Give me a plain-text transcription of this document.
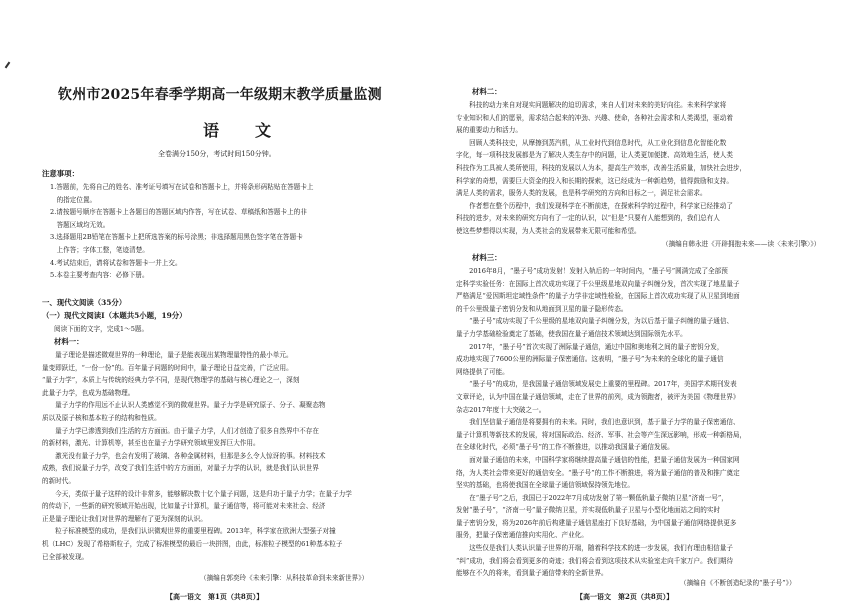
钦州市2025年春季学期高一年级期末教学质量监测
语　文
全卷满分150分，考试时间150分钟。
注意事项：
1.答题前，先将自己的姓名、准考证号填写在试卷和答题卡上，并将条形码粘贴在答题卡上
　的指定位置。
2.请按题号顺序在答题卡上各题目的答题区域内作答，写在试卷、草稿纸和答题卡上的非
　答题区域均无效。
3.选择题用2B铅笔在答题卡上把所选答案的标号涂黑；非选择题用黑色签字笔在答题卡
　上作答；字体工整，笔迹清楚。
4.考试结束后，请将试卷和答题卡一并上交。
5.本卷主要考查内容：必修下册。
一、现代文阅读（35分）
（一）现代文阅读Ⅰ（本题共5小题，19分）
阅读下面的文字，完成1～5题。
材料一：
　　量子理论是描述微观世界的一种理论，量子是能表现出某物理量特性的最小单元。
量变即跃迁，“一份一份”的。百年量子问题的时间中，量子理论日益完善，广泛应用。
“量子力学”，本质上与传统的经典力学不同，是现代物理学的基础与核心理论之一，深刻
此量子力学，也成为基础物理。
　　量子力学的作用远不止认识人类感觉不到的微观世界。量子力学是研究原子、分子、凝聚态物
质以及原子核和基本粒子的结构和性质。
　　量子力学已渗透到我们生活的方方面面。由于量子力学，人们才创造了很多自然界中不存在
的新材料，激光、计算机等，甚至也在量子力学研究领域里发挥巨大作用。
　　激光没有量子力学，也会有发明了玻璃、各种金属材料，但那是多么令人惊讶的事。材料技术
成熟，我们说量子力学，改变了我们生活中的方方面面，对量子力学的认识，就是我们认识世界
的新时代。
　　今天，类似于量子这样的设计非常多，能够解决数十亿个量子问题，这是归功于量子力学；在量子力学
的传动下，一些新的研究领域开始出现，比如量子计算机，量子通信等，将可能对未来社会、经济
正是量子理论让我们对世界的理解有了更为深刻的认识。
　　粒子标准模型的成功，是我们认识微观世界的重要里程碑。2013年，科学家在欧洲大型强子对撞
机（LHC）发现了希格斯粒子，完成了标准模型的最后一块拼图，由此，标准粒子模型的61种基本粒子
已全部被发现。
（摘编自郭奕玲《未来引擎：从科技革命到未来新世界》）
【高一语文　第1页（共8页）】
材料二：
　　科技的动力来自对现实问题解决的迫切需求，来自人们对未来的美好向往。未来科学家将
专业知识和人们的愿景，需求结合起来的冲劲、兴趣、使命，各种社会需求和人类渴望，驱动着
展的重要动力和活力。
　　回顾人类科技史，从摩擦到蒸汽机，从工业时代到信息时代，从工业化到信息化智能化数
字化，每一项科技发展都是为了解决人类生存中的问题，让人类更加便捷、高效地生活，使人类
科技作为工具被人类所使用，科技的发展以人为本，提高生产效率，改善生活质量，加快社会进步，
科学家的奇想，需要巨大资金的投入和长期的探索，这已经成为一种新趋势，值得鼓励和支持。
满足人类的需求，服务人类的发展，也是科学研究的方向和目标之一，满足社会需求。
　　作者想在整个历程中，我们发现科学在不断前进，在探索科学的过程中，科学家已经推动了
科技的进步，对未来的研究方向有了一定的认识，以“但是”只要有人能想到的，我们总有人
使这些梦想得以实现，为人类社会的发展带来无限可能和希望。
（摘编自韩永进《开辟拥抱未来——读〈未来引擎〉》）
材料三：
　　2016年8月，“墨子号”成功发射！发射入轨后的一年时间内，“墨子号”圆满完成了全部预
定科学实验任务：在国际上首次成功实现了千公里级星地双向量子纠缠分发，首次实现了地星量子
严格满足“爱因斯坦定域性条件”的量子力学非定域性检验，在国际上首次成功实现了从卫星到地面
的千公里级量子密钥分发和从地面到卫星的量子隐形传态。
　　“墨子号”成功实现了千公里级的星地双向量子纠缠分发，为以后基于量子纠缠的量子通信、
量子力学基础检验奠定了基础，使我国在量子通信技术领域达到国际领先水平。
　　2017年，“墨子号”首次实现了洲际量子通信，通过中国和奥地利之间的量子密钥分发，
成功地实现了7600公里的洲际量子保密通信。这表明，“墨子号”为未来的全球化的量子通信
网络提供了可能。
　　“墨子号”的成功，是我国量子通信领域发展史上重要的里程碑。2017年，美国学术期刊发表
文章评论，认为中国在量子通信领域，走在了世界的前列，成为领跑者，被评为美国《物理世界》
杂志2017年度十大突破之一。
　　我们坚信量子通信是将要拥有的未来。同时，我们也意识到，基于量子力学的量子保密通信、
量子计算机等新技术的发展，将对国际政治、经济、军事、社会等产生深远影响，形成一种新格局，
在全球化时代，必须“墨子号”的工作不断推进，以推动我国量子通信发展。
　　面对量子通信的未来，中国科学家将继续提高量子通信的性能，把量子通信发展为一种国家网
络，为人类社会带来更好的通信安全。“墨子号”的工作不断推进，将为量子通信的普及和推广奠定
坚实的基础，也将使我国在全球量子通信领域保持领先地位。
　　在“墨子号”之后，我国已于2022年7月成功发射了第一颗低轨量子微纳卫星“济南一号”，
发射“墨子号”，“济南一号”量子微纳卫星，并实现低轨量子卫星与小型化地面站之间的实时
量子密钥分发，将为2026年前后构建量子通信星座打下良好基础，为中国量子通信网络提供更多
服务，把量子保密通信推向实用化、产业化。
　　这些仅是我们人类认识量子世界的开端，随着科学技术的进一步发展，我们有理由相信量子
“纠”成功，我们将会看到更多的奇迹；我们将会看到这项技术从实验室走向千家万户。我们期待
能够在不久的将来，看到量子通信带来的全新世界。
（摘编自《不断创造纪录的“墨子号”》）
【高一语文　第2页（共8页）】
